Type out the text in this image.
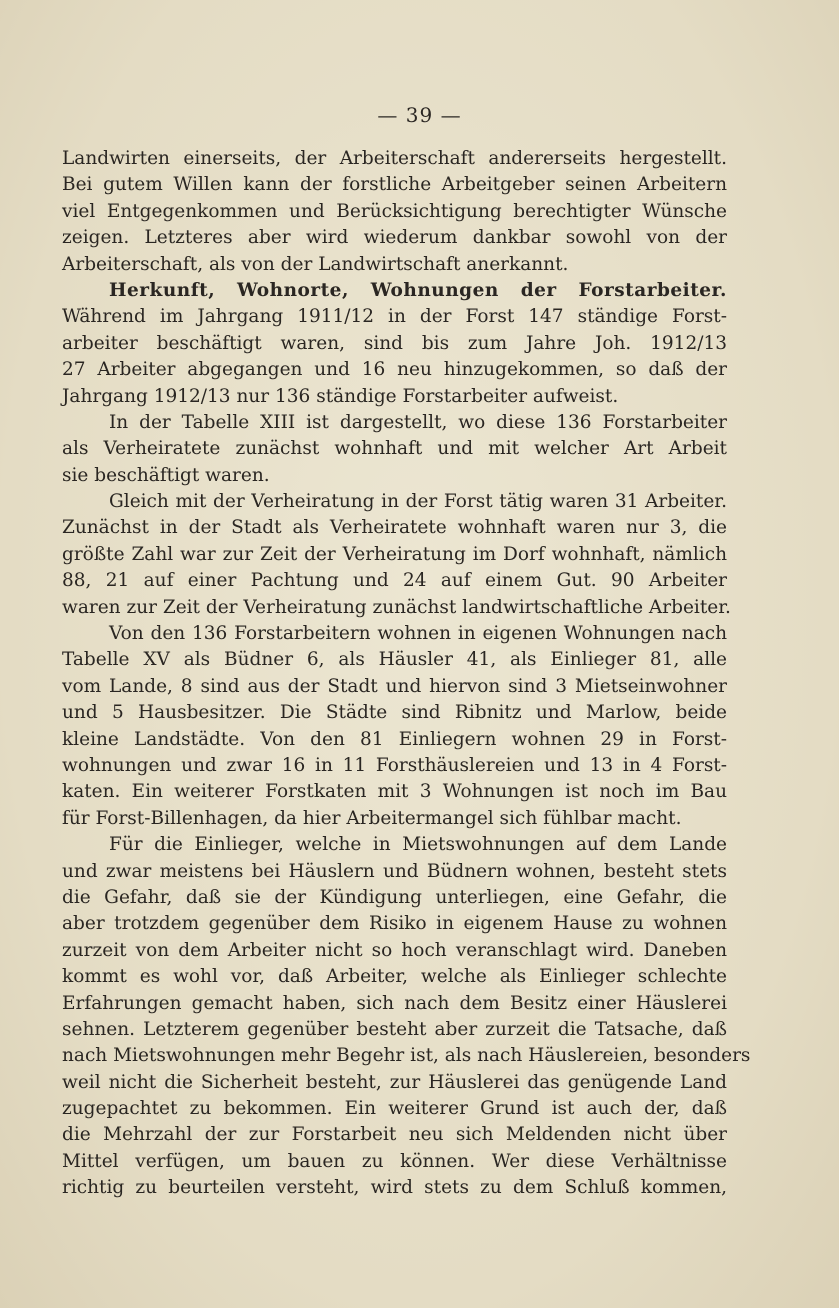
— 39 —
Landwirten einerseits, der Arbeiterschaft andererseits hergestellt.
Bei gutem Willen kann der forstliche Arbeitgeber seinen Arbeitern
viel Entgegenkommen und Berücksichtigung berechtigter Wünsche
zeigen. Letzteres aber wird wiederum dankbar sowohl von der
Arbeiterschaft, als von der Landwirtschaft anerkannt.
Herkunft, Wohnorte, Wohnungen der Forstarbeiter.
Während im Jahrgang 1911/12 in der Forst 147 ständige Forst-
arbeiter beschäftigt waren, sind bis zum Jahre Joh. 1912/13
27 Arbeiter abgegangen und 16 neu hinzugekommen, so daß der
Jahrgang 1912/13 nur 136 ständige Forstarbeiter aufweist.
In der Tabelle XIII ist dargestellt, wo diese 136 Forstarbeiter
als Verheiratete zunächst wohnhaft und mit welcher Art Arbeit
sie beschäftigt waren.
Gleich mit der Verheiratung in der Forst tätig waren 31 Arbeiter.
Zunächst in der Stadt als Verheiratete wohnhaft waren nur 3, die
größte Zahl war zur Zeit der Verheiratung im Dorf wohnhaft, nämlich
88, 21 auf einer Pachtung und 24 auf einem Gut. 90 Arbeiter
waren zur Zeit der Verheiratung zunächst landwirtschaftliche Arbeiter.
Von den 136 Forstarbeitern wohnen in eigenen Wohnungen nach
Tabelle XV als Büdner 6, als Häusler 41, als Einlieger 81, alle
vom Lande, 8 sind aus der Stadt und hiervon sind 3 Mietseinwohner
und 5 Hausbesitzer. Die Städte sind Ribnitz und Marlow, beide
kleine Landstädte. Von den 81 Einliegern wohnen 29 in Forst-
wohnungen und zwar 16 in 11 Forsthäuslereien und 13 in 4 Forst-
katen. Ein weiterer Forstkaten mit 3 Wohnungen ist noch im Bau
für Forst-Billenhagen, da hier Arbeitermangel sich fühlbar macht.
Für die Einlieger, welche in Mietswohnungen auf dem Lande
und zwar meistens bei Häuslern und Büdnern wohnen, besteht stets
die Gefahr, daß sie der Kündigung unterliegen, eine Gefahr, die
aber trotzdem gegenüber dem Risiko in eigenem Hause zu wohnen
zurzeit von dem Arbeiter nicht so hoch veranschlagt wird. Daneben
kommt es wohl vor, daß Arbeiter, welche als Einlieger schlechte
Erfahrungen gemacht haben, sich nach dem Besitz einer Häuslerei
sehnen. Letzterem gegenüber besteht aber zurzeit die Tatsache, daß
nach Mietswohnungen mehr Begehr ist, als nach Häuslereien, besonders
weil nicht die Sicherheit besteht, zur Häuslerei das genügende Land
zugepachtet zu bekommen. Ein weiterer Grund ist auch der, daß
die Mehrzahl der zur Forstarbeit neu sich Meldenden nicht über
Mittel verfügen, um bauen zu können. Wer diese Verhältnisse
richtig zu beurteilen versteht, wird stets zu dem Schluß kommen,
